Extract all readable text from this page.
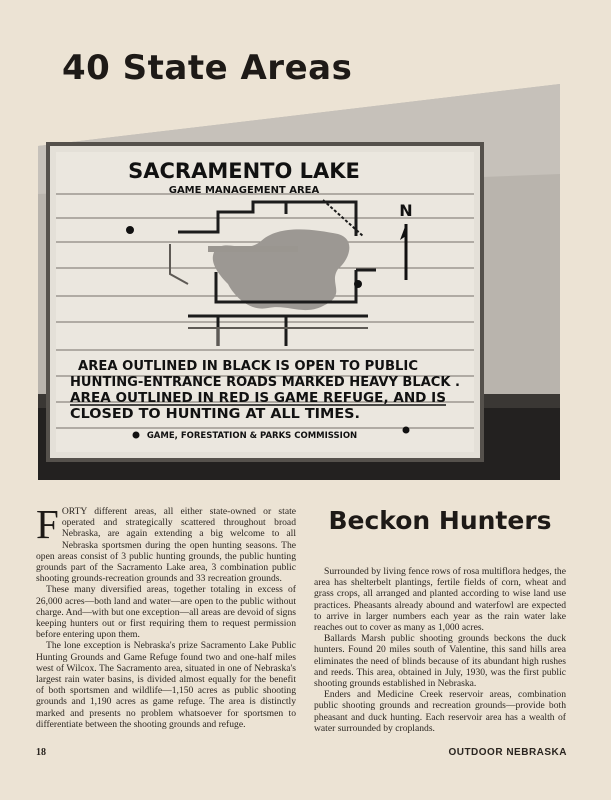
40 State Areas
SACRAMENTO LAKE
GAME MANAGEMENT AREA
N
AREA OUTLINED IN BLACK IS OPEN TO PUBLIC
HUNTING-ENTRANCE ROADS MARKED HEAVY BLACK .
AREA OUTLINED IN RED IS GAME REFUGE, AND IS
CLOSED TO HUNTING AT ALL TIMES.
GAME, FORESTATION & PARKS COMMISSION
Beckon Hunters

FORTY different areas, all either state-owned or state operated and strategically scattered throughout broad Nebraska, are again extending a big welcome to all Nebraska sportsmen during the open hunting seasons. The open areas consist of 3 public hunting grounds, the public hunting grounds part of the Sacramento Lake area, 3 combination public shooting grounds-recreation grounds and 33 recreation grounds.

These many diversified areas, together totaling in excess of 26,000 acres—both land and water—are open to the public without charge. And—with but one exception—all areas are devoid of signs keeping hunters out or first requiring them to request permission before entering upon them.

The lone exception is Nebraska's prize Sacramento Lake Public Hunting Grounds and Game Refuge found two and one-half miles west of Wilcox. The Sacramento area, situated in one of Nebraska's largest rain water basins, is divided almost equally for the benefit of both sportsmen and wildlife—1,150 acres as public shooting grounds and 1,190 acres as game refuge. The area is distinctly marked and presents no problem whatsoever for sportsmen to differentiate between the shooting grounds and refuge.

Surrounded by living fence rows of rosa multiflora hedges, the area has shelterbelt plantings, fertile fields of corn, wheat and grass crops, all arranged and planted according to wise land use practices. Pheasants already abound and waterfowl are expected to arrive in larger numbers each year as the rain water lake reaches out to cover as many as 1,000 acres.

Ballards Marsh public shooting grounds beckons the duck hunters. Found 20 miles south of Valentine, this sand hills area eliminates the need of blinds because of its abundant high rushes and reeds. This area, obtained in July, 1930, was the first public shooting grounds established in Nebraska.

Enders and Medicine Creek reservoir areas, combination public shooting grounds and recreation grounds—provide both pheasant and duck hunting. Each reservoir area has a wealth of water surrounded by croplands.

18	OUTDOOR NEBRASKA
